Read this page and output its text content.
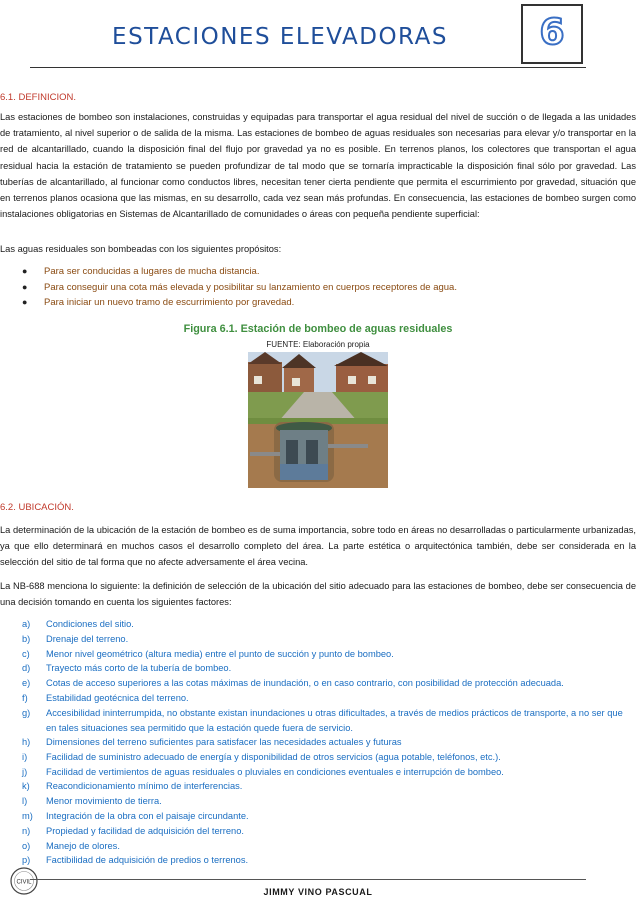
ESTACIONES ELEVADORAS	6
6.1. DEFINICION.
Las estaciones de bombeo son instalaciones, construidas y equipadas para transportar el agua residual del nivel de succión o de llegada a las unidades de tratamiento, al nivel superior o de salida de la misma. Las estaciones de bombeo de aguas residuales son necesarias para elevar y/o transportar en la red de alcantarillado, cuando la disposición final del flujo por gravedad ya no es posible. En terrenos planos, los colectores que transportan el agua residual hacia la estación de tratamiento se pueden profundizar de tal modo que se tornaría impracticable la disposición final sólo por gravedad. Las tuberías de alcantarillado, al funcionar como conductos libres, necesitan tener cierta pendiente que permita el escurrimiento por gravedad, situación que en terrenos planos ocasiona que las mismas, en su desarrollo, cada vez sean más profundas. En consecuencia, las estaciones de bombeo surgen como instalaciones obligatorias en Sistemas de Alcantarillado de comunidades o áreas con pequeña pendiente superficial:
Las aguas residuales son bombeadas con los siguientes propósitos:
● Para ser conducidas a lugares de mucha distancia.
● Para conseguir una cota más elevada y posibilitar su lanzamiento en cuerpos receptores de agua.
● Para iniciar un nuevo tramo de escurrimiento por gravedad.
Figura 6.1. Estación de bombeo de aguas residuales
FUENTE: Elaboración propia
6.2. UBICACIÓN.
La determinación de la ubicación de la estación de bombeo es de suma importancia, sobre todo en áreas no desarrolladas o particularmente urbanizadas, ya que ello determinará en muchos casos el desarrollo completo del área. La parte estética o arquitectónica también, debe ser considerada en la selección del sitio de tal forma que no afecte adversamente el área vecina.
La NB-688 menciona lo siguiente: la definición de selección de la ubicación del sitio adecuado para las estaciones de bombeo, debe ser consecuencia de una decisión tomando en cuenta los siguientes factores:
a) Condiciones del sitio.
b) Drenaje del terreno.
c) Menor nivel geométrico (altura media) entre el punto de succión y punto de bombeo.
d) Trayecto más corto de la tubería de bombeo.
e) Cotas de acceso superiores a las cotas máximas de inundación, o en caso contrario, con posibilidad de protección adecuada.
f) Estabilidad geotécnica del terreno.
g) Accesibilidad ininterrumpida, no obstante existan inundaciones u otras dificultades, a través de medios prácticos de transporte, a no ser que en tales situaciones sea permitido que la estación quede fuera de servicio.
h) Dimensiones del terreno suficientes para satisfacer las necesidades actuales y futuras
i) Facilidad de suministro adecuado de energía y disponibilidad de otros servicios (agua potable, teléfonos, etc.).
j) Facilidad de vertimientos de aguas residuales o pluviales en condiciones eventuales e interrupción de bombeo.
k) Reacondicionamiento mínimo de interferencias.
l) Menor movimiento de tierra.
m) Integración de la obra con el paisaje circundante.
n) Propiedad y facilidad de adquisición del terreno.
o) Manejo de olores.
p) Factibilidad de adquisición de predios o terrenos.
CIVIL
JIMMY VINO PASCUAL
